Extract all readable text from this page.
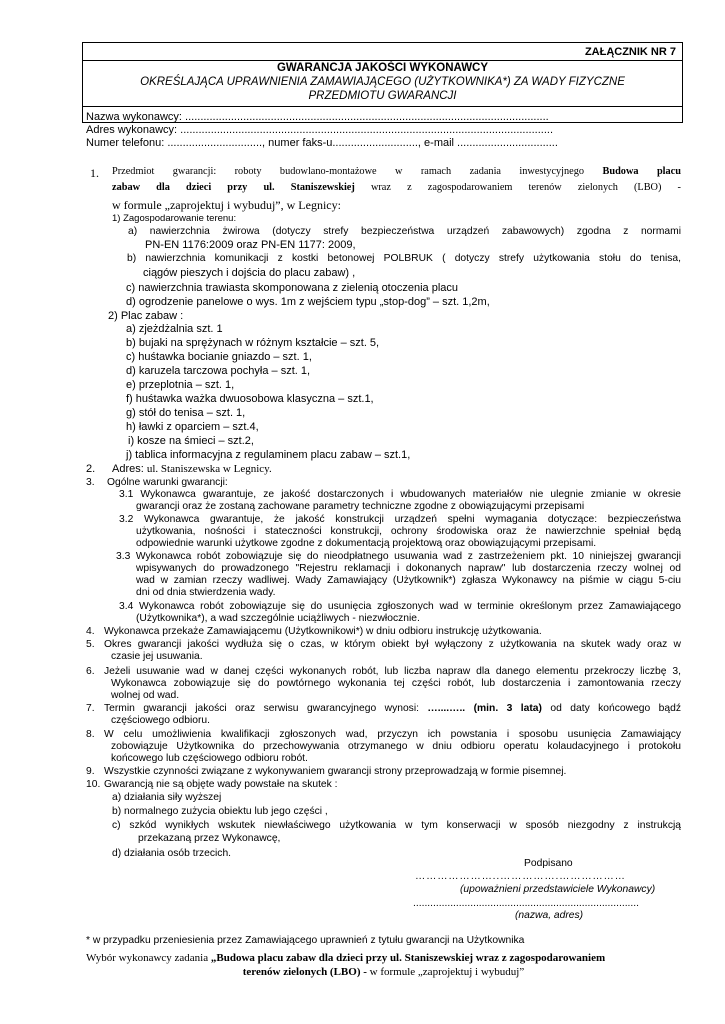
ZAŁĄCZNIK NR 7
GWARANCJA JAKOŚCI WYKONAWCY
OKREŚLAJĄCA UPRAWNIENIA ZAMAWIAJĄCEGO (UŻYTKOWNIKA*) ZA WADY FIZYCZNE
PRZEDMIOTU GWARANCJI
Nazwa wykonawcy: .......................................................................................................................
Adres wykonawcy: ..........................................................................................................................
Numer telefonu: ..............................., numer faks-u............................, e-mail .................................
1. Przedmiot gwarancji: roboty budowlano-montażowe w ramach zadania inwestycyjnego Budowa placu
zabaw dla dzieci przy ul. Staniszewskiej wraz z zagospodarowaniem terenów zielonych (LBO) -
w formule „zaprojektuj i wybuduj”, w Legnicy:
1) Zagospodarowanie terenu:
a) nawierzchnia żwirowa (dotyczy strefy bezpieczeństwa urządzeń zabawowych) zgodna z normami
PN-EN 1176:2009 oraz PN-EN 1177: 2009,
b) nawierzchnia komunikacji z kostki betonowej POLBRUK ( dotyczy strefy użytkowania stołu do tenisa,
ciągów pieszych i dojścia do placu zabaw) ,
c) nawierzchnia trawiasta skomponowana z zielenią otoczenia placu
d) ogrodzenie panelowe o wys. 1m z wejściem typu „stop-dog” – szt. 1,2m,
2) Plac zabaw :
a) zjeżdżalnia szt. 1
b) bujaki na sprężynach w różnym kształcie – szt. 5,
c) huśtawka bocianie gniazdo – szt. 1,
d) karuzela tarczowa pochyła – szt. 1,
e) przeplotnia – szt. 1,
f) huśtawka ważka dwuosobowa klasyczna – szt.1,
g) stół do tenisa – szt. 1,
h) ławki z oparciem – szt.4,
i) kosze na śmieci – szt.2,
j) tablica informacyjna z regulaminem placu zabaw – szt.1,
2. Adres: ul. Staniszewska w Legnicy.
3. Ogólne warunki gwarancji:
3.1 Wykonawca gwarantuje, ze jakość dostarczonych i wbudowanych materiałów nie ulegnie zmianie w okresie
gwarancji oraz że zostaną zachowane parametry techniczne zgodne z obowiązującymi przepisami
3.2 Wykonawca gwarantuje, że jakość konstrukcji urządzeń spełni wymagania dotyczące: bezpieczeństwa
użytkowania, nośności i stateczności konstrukcji, ochrony środowiska oraz że nawierzchnie spełniał będą
odpowiednie warunki użytkowe zgodne z dokumentacją projektową oraz obowiązującymi przepisami.
3.3 Wykonawca robót zobowiązuje się do nieodpłatnego usuwania wad z zastrzeżeniem pkt. 10 niniejszej gwarancji
wpisywanych do prowadzonego "Rejestru reklamacji i dokonanych napraw" lub dostarczenia rzeczy wolnej od
wad w zamian rzeczy wadliwej. Wady Zamawiający (Użytkownik*) zgłasza Wykonawcy na piśmie w ciągu 5-ciu
dni od dnia stwierdzenia wady.
3.4 Wykonawca robót zobowiązuje się do usunięcia zgłoszonych wad w terminie określonym przez Zamawiającego
(Użytkownika*), a wad szczególnie uciążliwych - niezwłocznie.
4. Wykonawca przekaże Zamawiającemu (Użytkownikowi*) w dniu odbioru instrukcję użytkowania.
5. Okres gwarancji jakości wydłuża się o czas, w którym obiekt był wyłączony z użytkowania na skutek wady oraz w
czasie jej usuwania.
6. Jeżeli usuwanie wad w danej części wykonanych robót, lub liczba napraw dla danego elementu przekroczy liczbę 3,
Wykonawca zobowiązuje się do powtórnego wykonania tej części robót, lub dostarczenia i zamontowania rzeczy
wolnej od wad.
7. Termin gwarancji jakości oraz serwisu gwarancyjnego wynosi: …....….. (min. 3 lata) od daty końcowego bądź
częściowego odbioru.
8. W celu umożliwienia kwalifikacji zgłoszonych wad, przyczyn ich powstania i sposobu usunięcia Zamawiający
zobowiązuje Użytkownika do przechowywania otrzymanego w dniu odbioru operatu kolaudacyjnego i protokołu
końcowego lub częściowego odbioru robót.
9. Wszystkie czynności związane z wykonywaniem gwarancji strony przeprowadzają w formie pisemnej.
10. Gwarancją nie są objęte wady powstałe na skutek :
a) działania siły wyższej
b) normalnego zużycia obiektu lub jego części ,
c) szkód wynikłych wskutek niewłaściwego użytkowania w tym konserwacji w sposób niezgodny z instrukcją
przekazaną przez Wykonawcę,
d) działania osób trzecich.
Podpisano
…………………..…………….………………
(upoważnieni przedstawiciele Wykonawcy)
...............................................................................
(nazwa, adres)
* w przypadku przeniesienia przez Zamawiającego uprawnień z tytułu gwarancji na Użytkownika
Wybór wykonawcy zadania „Budowa placu zabaw dla dzieci przy ul. Staniszewskiej wraz z zagospodarowaniem
terenów zielonych (LBO) - w formule „zaprojektuj i wybuduj”
